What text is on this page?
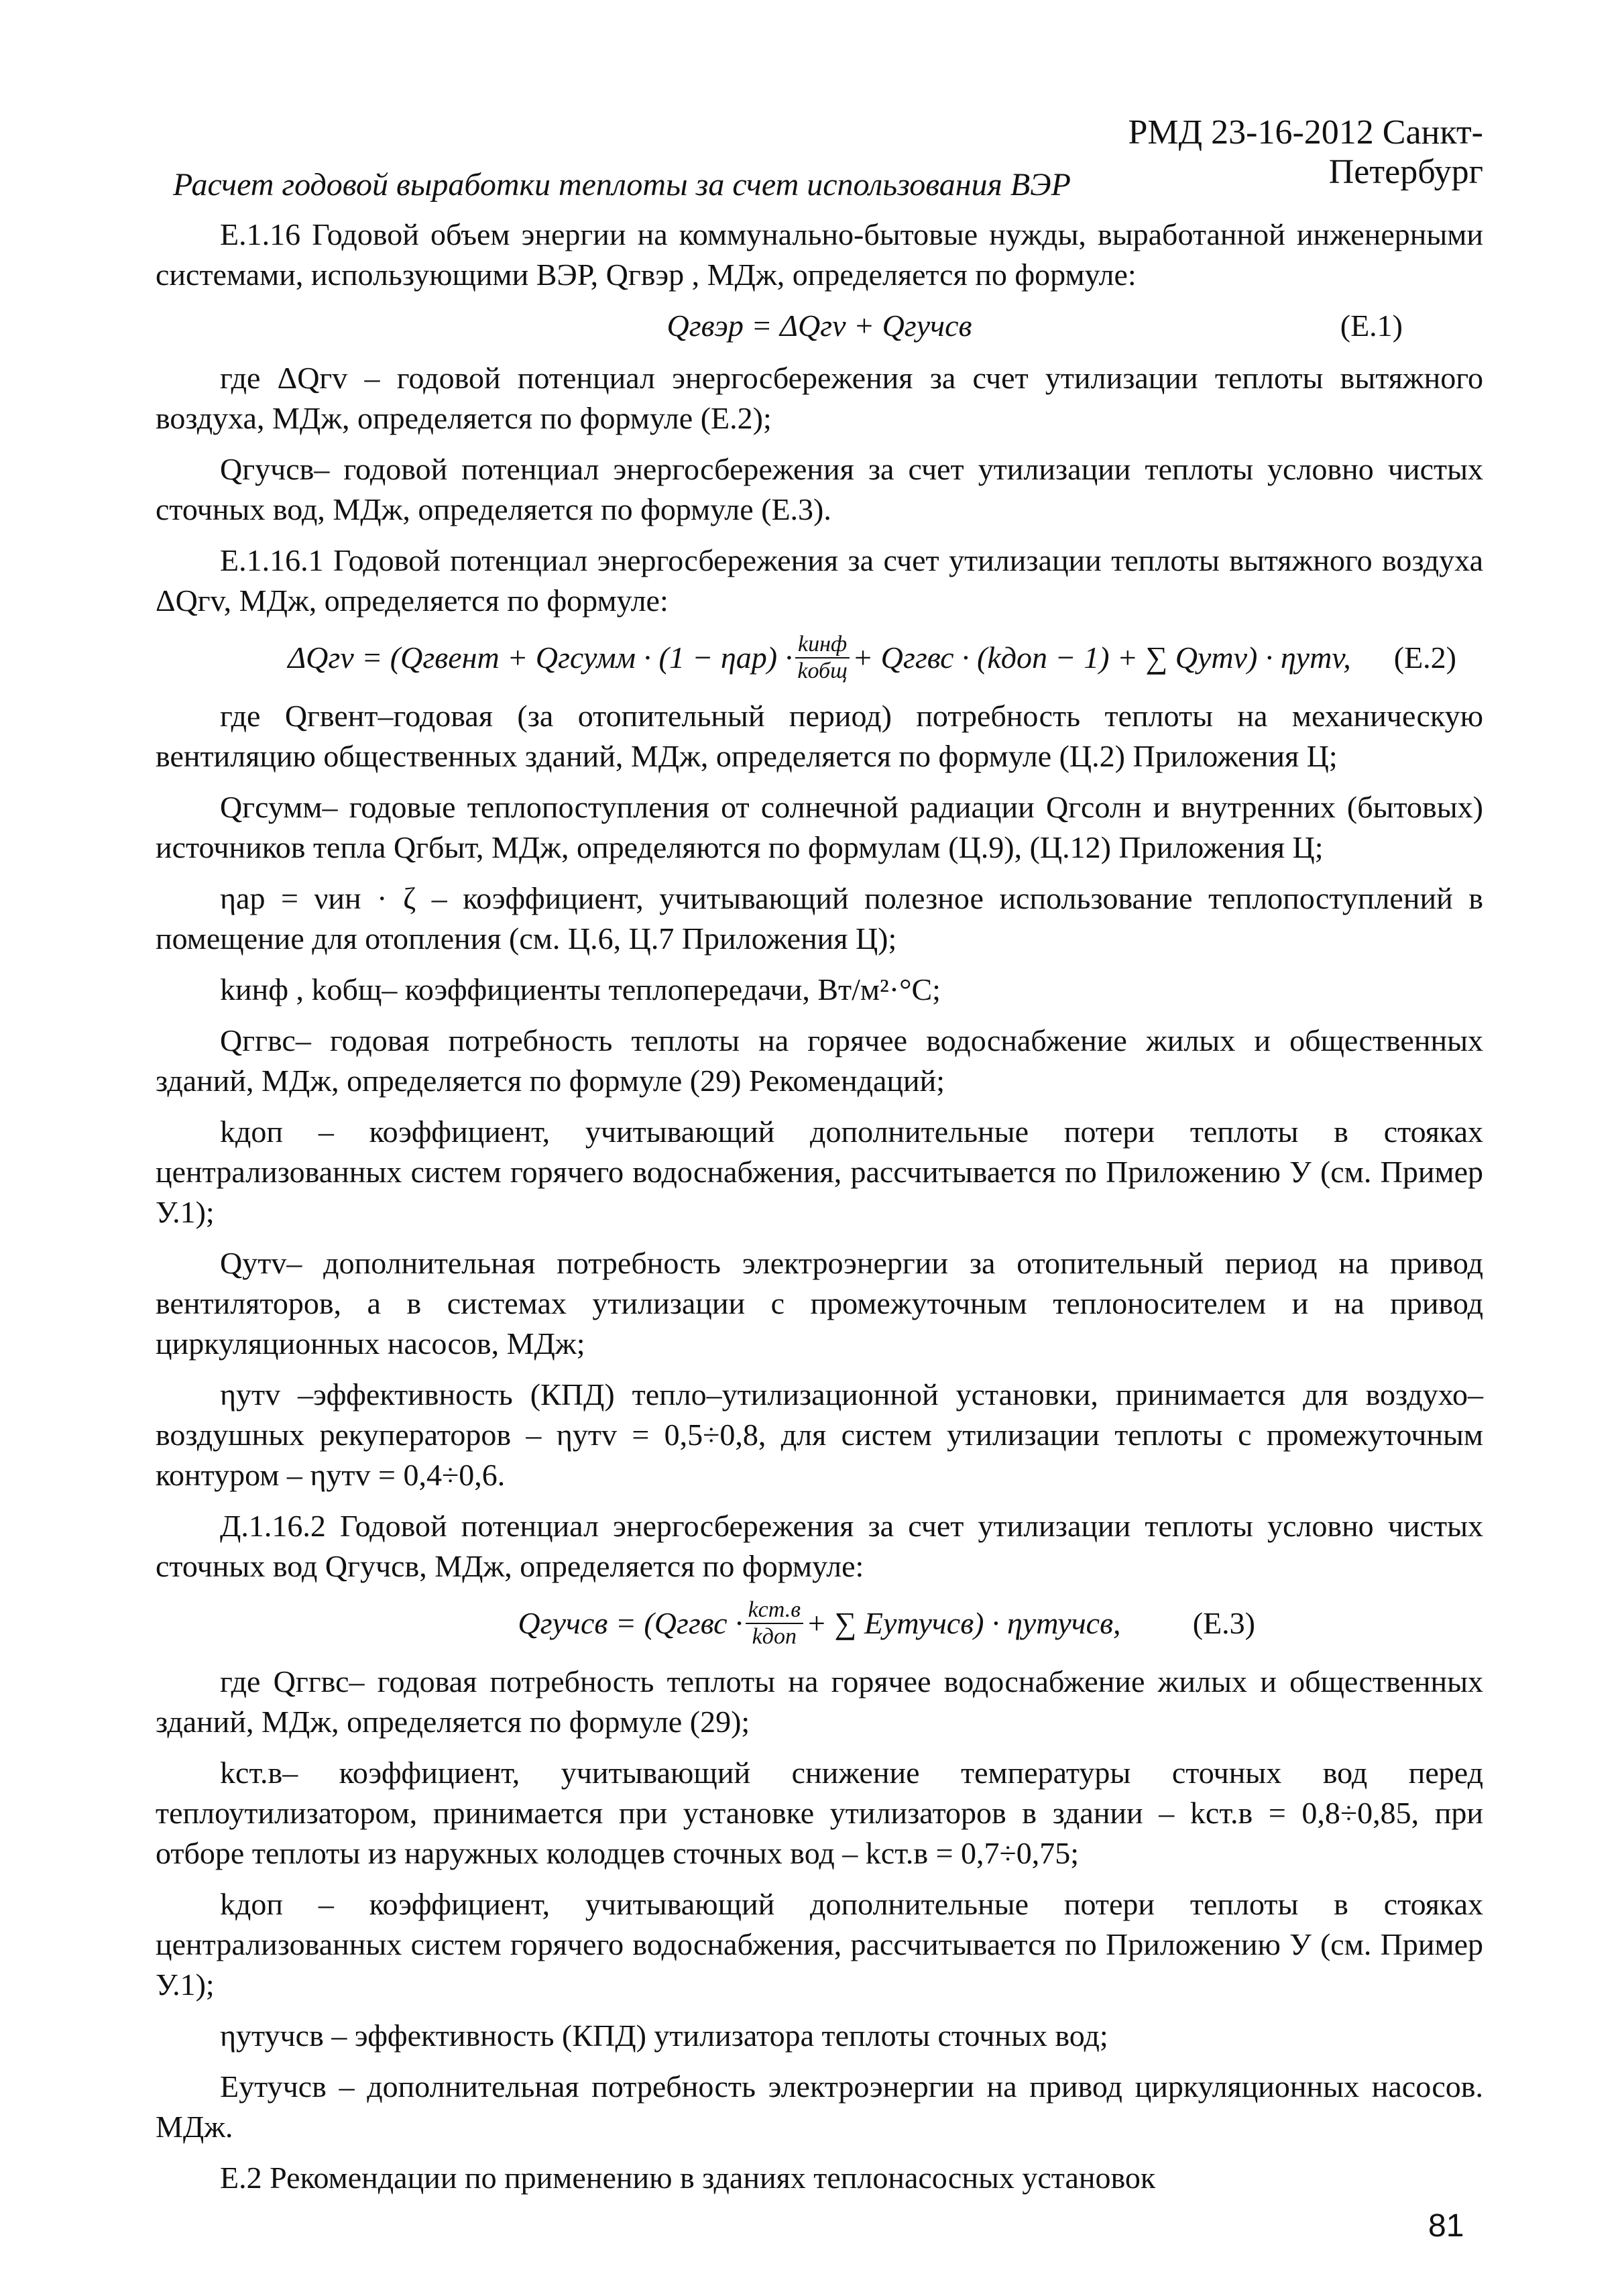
РМД 23-16-2012 Санкт-Петербург
Расчет годовой выработки теплоты за счет использования ВЭР

Е.1.16 Годовой объем энергии на коммунально-бытовые нужды, выработанной инженерными системами, использующими ВЭР, Qгвэр , МДж, определяется по формуле:

Qгвэр = ΔQгv + Qгучсв	(Е.1)

где ΔQгv – годовой потенциал энергосбережения за счет утилизации теплоты вытяжного воздуха, МДж, определяется по формуле (Е.2);

Qгучсв– годовой потенциал энергосбережения за счет утилизации теплоты условно чистых сточных вод, МДж, определяется по формуле (Е.3).

Е.1.16.1 Годовой потенциал энергосбережения за счет утилизации теплоты вытяжного воздуха ΔQгv, МДж, определяется по формуле:

ΔQгv = (Qгвент + Qгсумм · $(1 - \eta ар) \cdot \frac{\text{kинф}}{\text{kобщ}}$ + Qггвс · (kдоп − 1) + ∑ Qутv) · ηутv, (Е.2)

где Qгвент–годовая (за отопительный период) потребность теплоты на механическую вентиляцию общественных зданий, МДж, определяется по формуле (Ц.2) Приложения Ц;

Qгсумм– годовые теплопоступления от солнечной радиации Qгсолн и внутренних (бытовых) источников тепла Qгбыт, МДж, определяются по формулам (Ц.9), (Ц.12) Приложения Ц;

ηар = νин · ζ – коэффициент, учитывающий полезное использование теплопоступлений в помещение для отопления (см. Ц.6, Ц.7 Приложения Ц);

kинф , kобщ– коэффициенты теплопередачи, Вт/м²·°С;

Qггвс– годовая потребность теплоты на горячее водоснабжение жилых и общественных зданий, МДж, определяется по формуле (29) Рекомендаций;

kдоп – коэффициент, учитывающий дополнительные потери теплоты в стояках централизованных систем горячего водоснабжения, рассчитывается по Приложению У (см. Пример У.1);

Qутv– дополнительная потребность электроэнергии за отопительный период на привод вентиляторов, а в системах утилизации с промежуточным теплоносителем и на привод циркуляционных насосов, МДж;

ηутv –эффективность (КПД) тепло–утилизационной установки, принимается для воздухо–воздушных рекуператоров – ηутv = 0,5÷0,8, для систем утилизации теплоты с промежуточным контуром – ηутv = 0,4÷0,6.

Д.1.16.2 Годовой потенциал энергосбережения за счет утилизации теплоты условно чистых сточных вод Qгучсв, МДж, определяется по формуле:

Qгучсв = (Qггвс · $\frac{\text{kст.в}}{\text{kдоп}}$ + ∑ Eутучсв) · ηутучсв, (Е.3)

где Qггвс– годовая потребность теплоты на горячее водоснабжение жилых и общественных зданий, МДж, определяется по формуле (29);

kст.в– коэффициент, учитывающий снижение температуры сточных вод перед теплоутилизатором, принимается при установке утилизаторов в здании – kст.в = 0,8÷0,85, при отборе теплоты из наружных колодцев сточных вод – kст.в = 0,7÷0,75;

kдоп – коэффициент, учитывающий дополнительные потери теплоты в стояках централизованных систем горячего водоснабжения, рассчитывается по Приложению У (см. Пример У.1);

ηутучсв – эффективность (КПД) утилизатора теплоты сточных вод;

Eутучсв – дополнительная потребность электроэнергии на привод циркуляционных насосов. МДж.

Е.2 Рекомендации по применению в зданиях теплонасосных установок

81
